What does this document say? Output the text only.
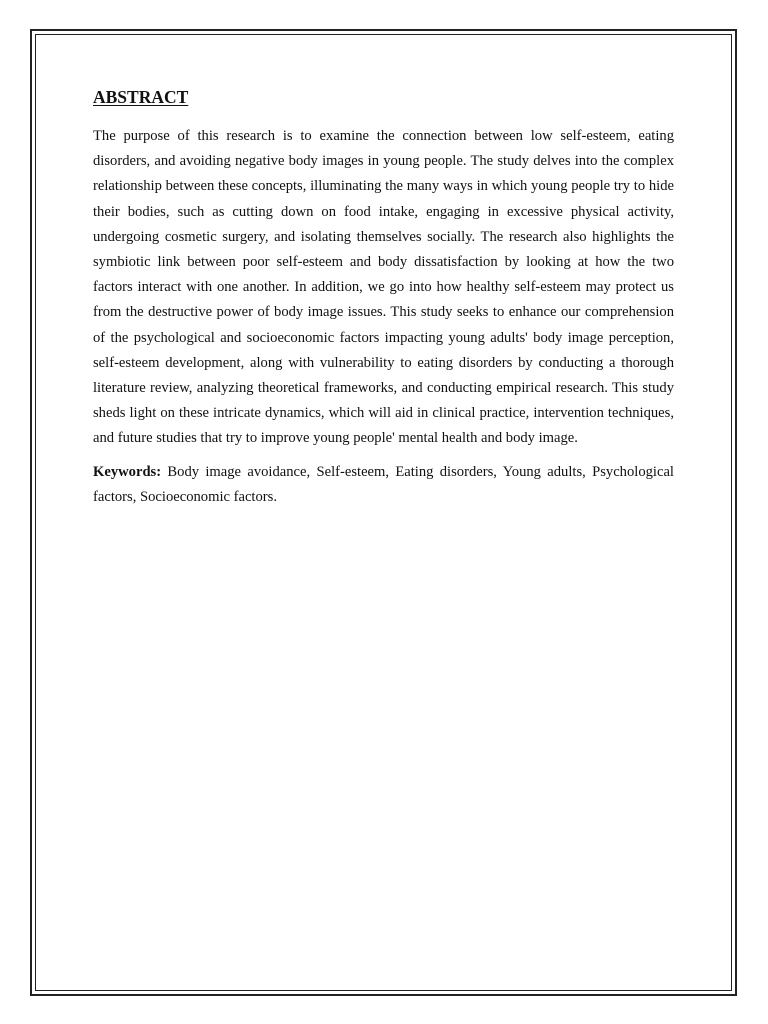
ABSTRACT

The purpose of this research is to examine the connection between low self-esteem, eating disorders, and avoiding negative body images in young people. The study delves into the complex relationship between these concepts, illuminating the many ways in which young people try to hide their bodies, such as cutting down on food intake, engaging in excessive physical activity, undergoing cosmetic surgery, and isolating themselves socially. The research also highlights the symbiotic link between poor self-esteem and body dissatisfaction by looking at how the two factors interact with one another. In addition, we go into how healthy self-esteem may protect us from the destructive power of body image issues. This study seeks to enhance our comprehension of the psychological and socioeconomic factors impacting young adults' body image perception, self-esteem development, along with vulnerability to eating disorders by conducting a thorough literature review, analyzing theoretical frameworks, and conducting empirical research. This study sheds light on these intricate dynamics, which will aid in clinical practice, intervention techniques, and future studies that try to improve young people' mental health and body image.

Keywords: Body image avoidance, Self-esteem, Eating disorders, Young adults, Psychological factors, Socioeconomic factors.
